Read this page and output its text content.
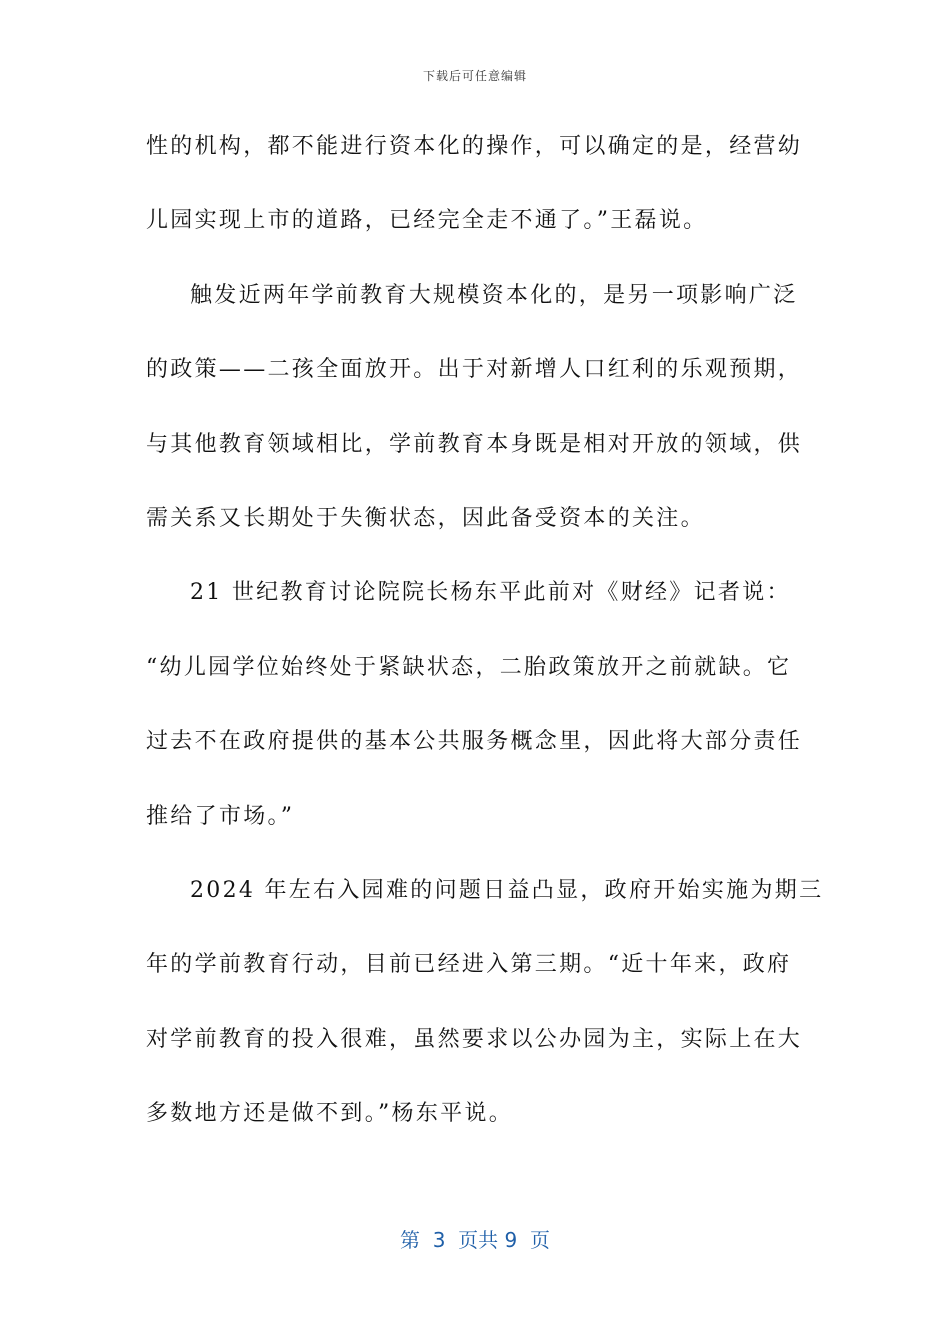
下载后可任意编辑
性的机构，都不能进行资本化的操作，可以确定的是，经营幼
儿园实现上市的道路，已经完全走不通了。”王磊说。
触发近两年学前教育大规模资本化的，是另一项影响广泛
的政策——二孩全面放开。出于对新增人口红利的乐观预期，
与其他教育领域相比，学前教育本身既是相对开放的领域，供
需关系又长期处于失衡状态，因此备受资本的关注。
21 世纪教育讨论院院长杨东平此前对《财经》记者说：
“幼儿园学位始终处于紧缺状态，二胎政策放开之前就缺。它
过去不在政府提供的基本公共服务概念里，因此将大部分责任
推给了市场。”
2024 年左右入园难的问题日益凸显，政府开始实施为期三
年的学前教育行动，目前已经进入第三期。“近十年来，政府
对学前教育的投入很难，虽然要求以公办园为主，实际上在大
多数地方还是做不到。”杨东平说。
第  3  页共 9  页
